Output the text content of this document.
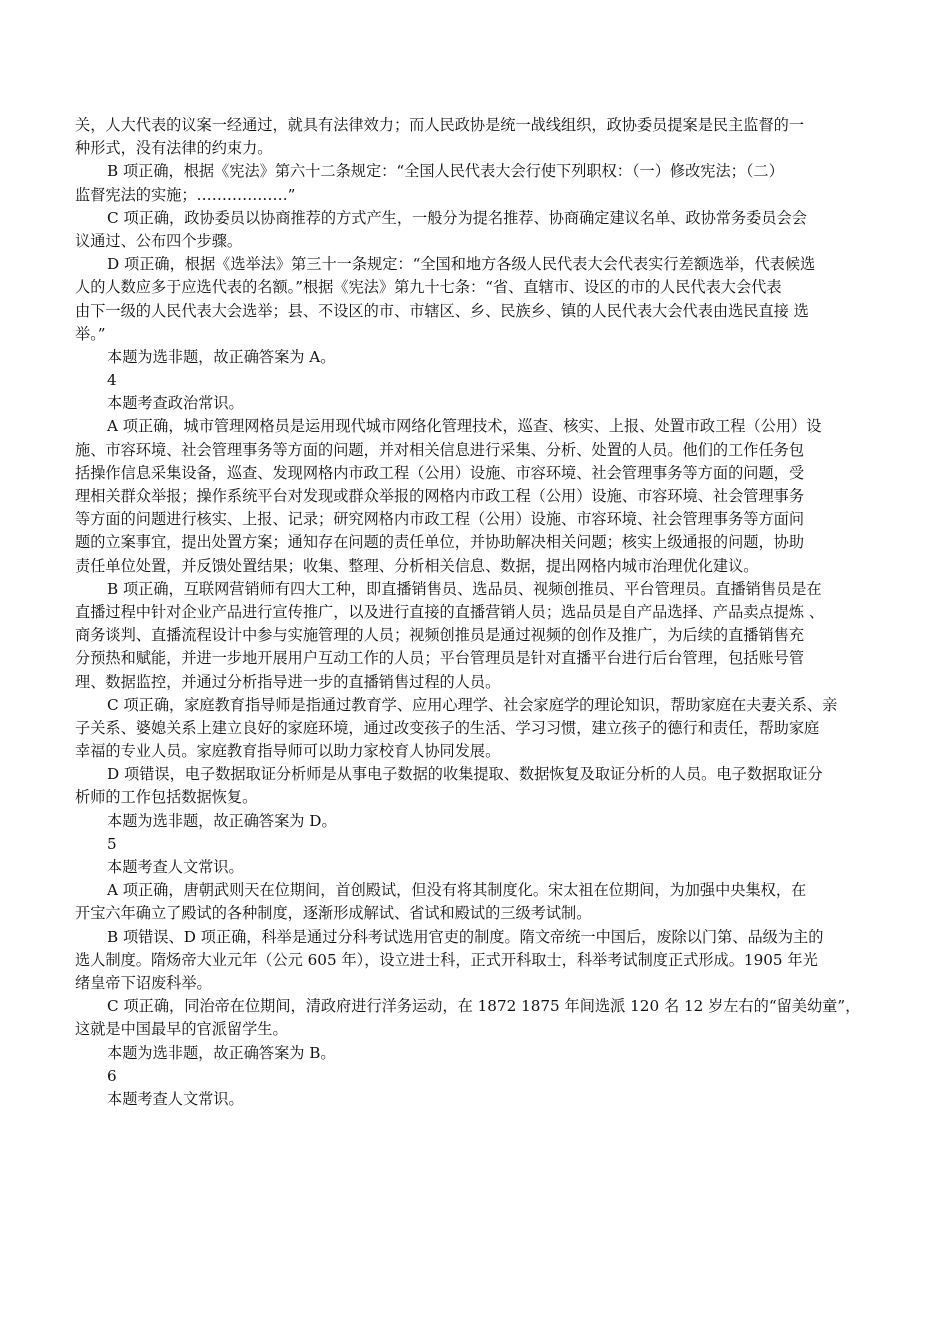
关，人大代表的议案一经通过，就具有法律效力；而人民政协是统一战线组织，政协委员提案是民主监督的一
种形式，没有法律的约束力。
B 项正确，根据《宪法》第六十二条规定：“全国人民代表大会行使下列职权：（一）修改宪法；（二）
监督宪法的实施；………………”
C 项正确，政协委员以协商推荐的方式产生，一般分为提名推荐、协商确定建议名单、政协常务委员会会
议通过、公布四个步骤。
D 项正确，根据《选举法》第三十一条规定：“全国和地方各级人民代表大会代表实行差额选举，代表候选
人的人数应多于应选代表的名额。”根据《宪法》第九十七条：“省、直辖市、设区的市的人民代表大会代表
由下一级的人民代表大会选举；县、不设区的市、市辖区、乡、民族乡、镇的人民代表大会代表由选民直接 选
举。”
本题为选非题，故正确答案为 A。
4
本题考查政治常识。
A 项正确，城市管理网格员是运用现代城市网络化管理技术，巡查、核实、上报、处置市政工程（公用）设
施、市容环境、社会管理事务等方面的问题，并对相关信息进行采集、分析、处置的人员。他们的工作任务包
括操作信息采集设备，巡查、发现网格内市政工程（公用）设施、市容环境、社会管理事务等方面的问题，受
理相关群众举报；操作系统平台对发现或群众举报的网格内市政工程（公用）设施、市容环境、社会管理事务
等方面的问题进行核实、上报、记录；研究网格内市政工程（公用）设施、市容环境、社会管理事务等方面问
题的立案事宜，提出处置方案；通知存在问题的责任单位，并协助解决相关问题；核实上级通报的问题，协助
责任单位处置，并反馈处置结果；收集、整理、分析相关信息、数据，提出网格内城市治理优化建议。
B 项正确，互联网营销师有四大工种，即直播销售员、选品员、视频创推员、平台管理员。直播销售员是在
直播过程中针对企业产品进行宣传推广，以及进行直接的直播营销人员；选品员是自产品选择、产品卖点提炼 、
商务谈判、直播流程设计中参与实施管理的人员；视频创推员是通过视频的创作及推广，为后续的直播销售充
分预热和赋能，并进一步地开展用户互动工作的人员；平台管理员是针对直播平台进行后台管理，包括账号管
理、数据监控，并通过分析指导进一步的直播销售过程的人员。
C 项正确，家庭教育指导师是指通过教育学、应用心理学、社会家庭学的理论知识，帮助家庭在夫妻关系、亲
子关系、婆媳关系上建立良好的家庭环境，通过改变孩子的生活、学习习惯，建立孩子的德行和责任，帮助家庭
幸福的专业人员。家庭教育指导师可以助力家校育人协同发展。
D 项错误，电子数据取证分析师是从事电子数据的收集提取、数据恢复及取证分析的人员。电子数据取证分
析师的工作包括数据恢复。
本题为选非题，故正确答案为 D。
5
本题考查人文常识。
A 项正确，唐朝武则天在位期间，首创殿试，但没有将其制度化。宋太祖在位期间，为加强中央集权，在
开宝六年确立了殿试的各种制度，逐渐形成解试、省试和殿试的三级考试制。
B 项错误、D 项正确，科举是通过分科考试选用官吏的制度。隋文帝统一中国后，废除以门第、品级为主的
选人制度。隋炀帝大业元年（公元 605 年），设立进士科，正式开科取士，科举考试制度正式形成。1905 年光
绪皇帝下诏废科举。
C 项正确，同治帝在位期间，清政府进行洋务运动，在 1872 1875 年间选派 120 名 12 岁左右的“留美幼童”，
这就是中国最早的官派留学生。
本题为选非题，故正确答案为 B。
6
本题考查人文常识。
